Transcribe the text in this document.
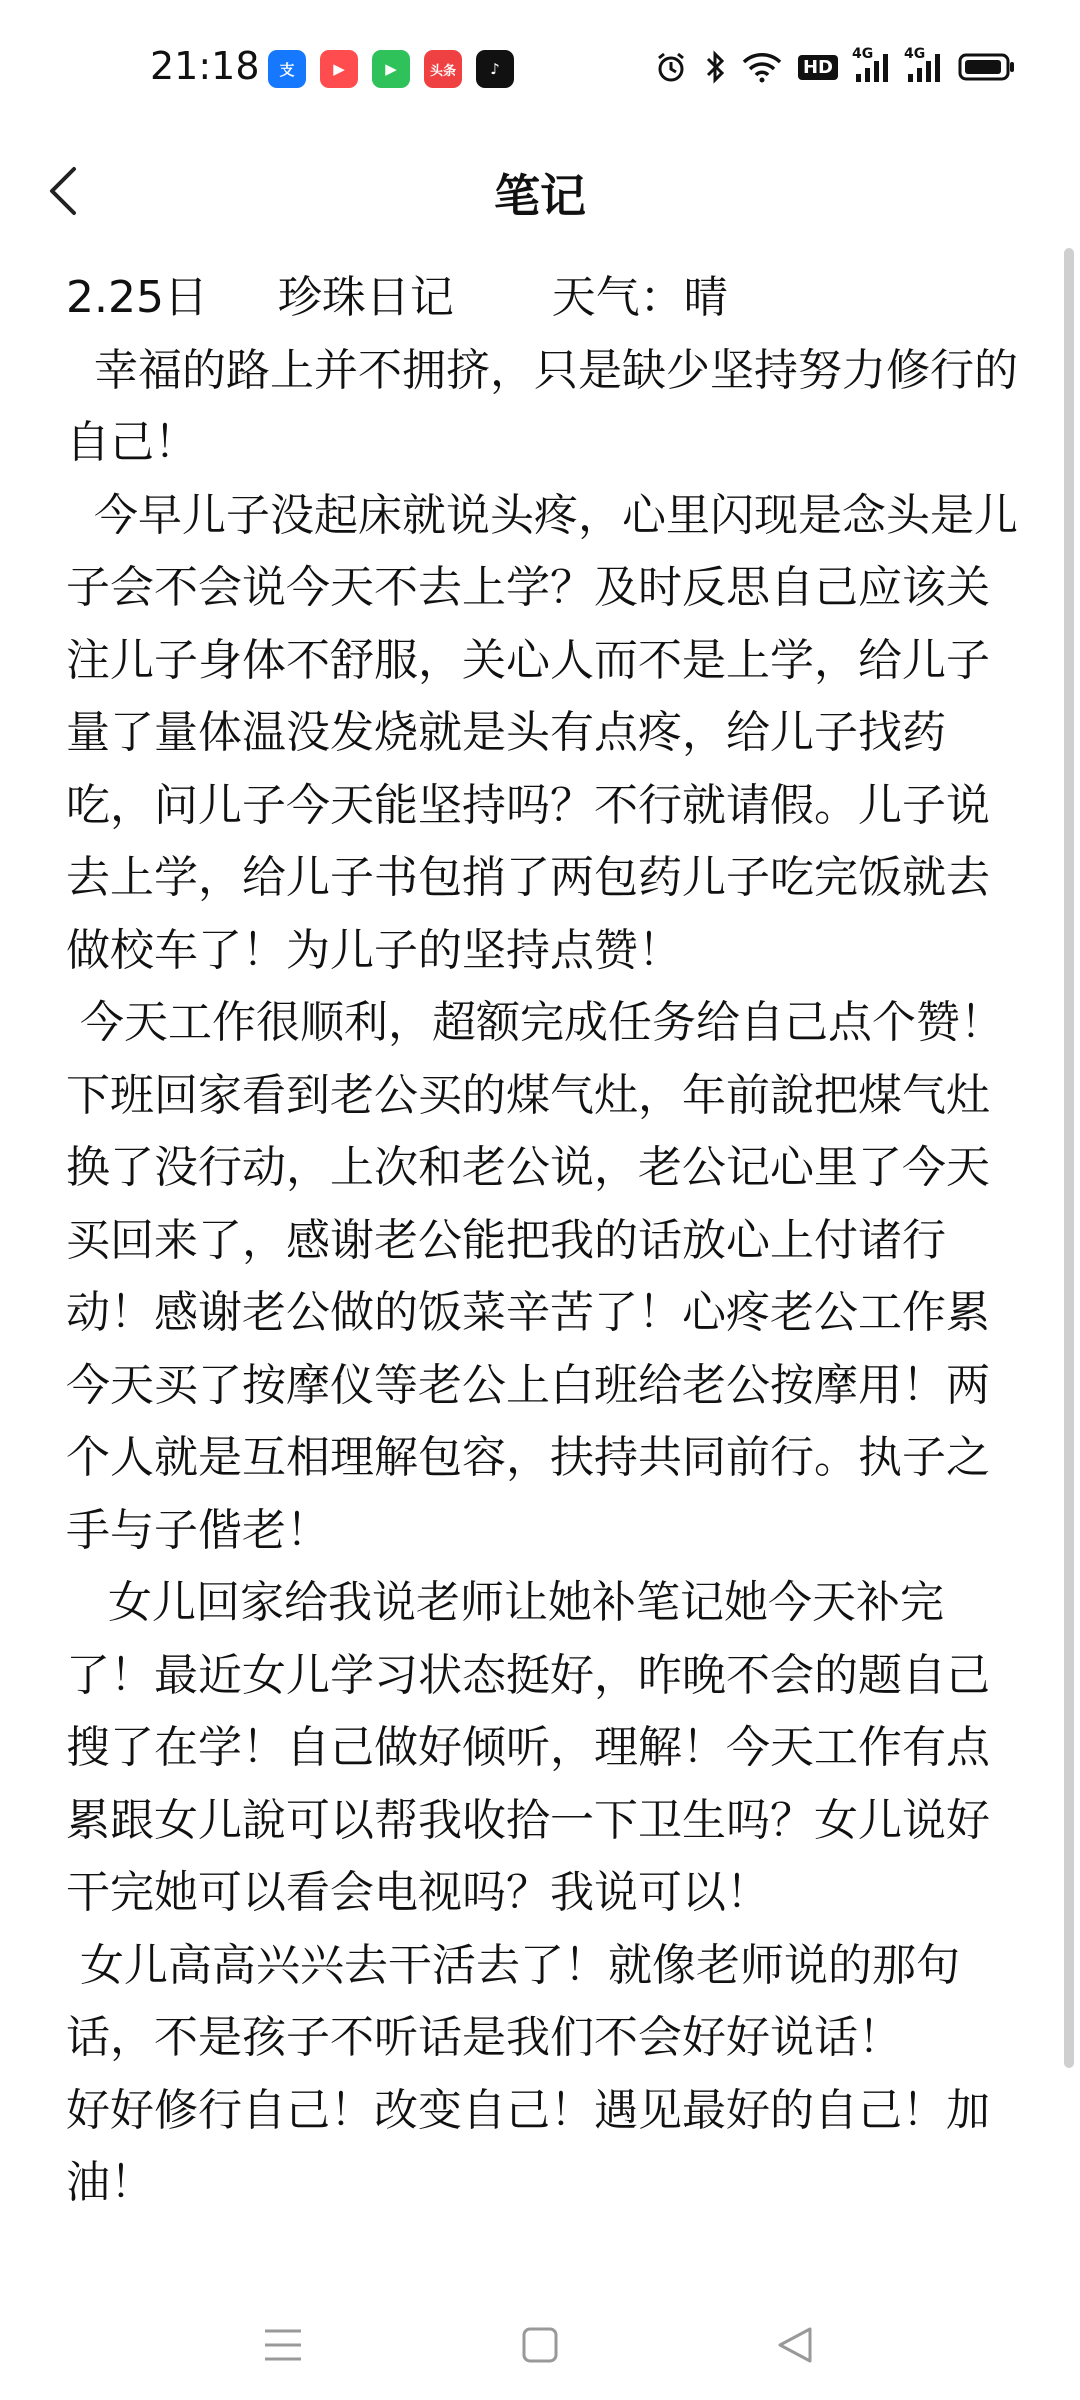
21:18	支	▶	▶	头条	♪	HD
4G 4G
笔记

2.25日     珍珠日记       天气：晴

幸福的路上并不拥挤，只是缺少坚持努力修行的自己！

今早儿子没起床就说头疼，心里闪现是念头是儿子会不会说今天不去上学？及时反思自己应该关注儿子身体不舒服，关心人而不是上学，给儿子量了量体温没发烧就是头有点疼，给儿子找药吃，问儿子今天能坚持吗？不行就请假。儿子说去上学，给儿子书包捎了两包药儿子吃完饭就去做校车了！为儿子的坚持点赞！

今天工作很顺利，超额完成任务给自己点个赞！下班回家看到老公买的煤气灶，年前說把煤气灶换了没行动，上次和老公说，老公记心里了今天买回来了，感谢老公能把我的话放心上付诸行动！感谢老公做的饭菜辛苦了！心疼老公工作累今天买了按摩仪等老公上白班给老公按摩用！两个人就是互相理解包容，扶持共同前行。执子之手与子偕老！

女儿回家给我说老师让她补笔记她今天补完了！最近女儿学习状态挺好，昨晚不会的题自己搜了在学！自己做好倾听，理解！今天工作有点累跟女儿說可以帮我收拾一下卫生吗？女儿说好干完她可以看会电视吗？我说可以！

女儿高高兴兴去干活去了！就像老师说的那句话，不是孩子不听话是我们不会好好说话！

好好修行自己！改变自己！遇见最好的自己！加油！
